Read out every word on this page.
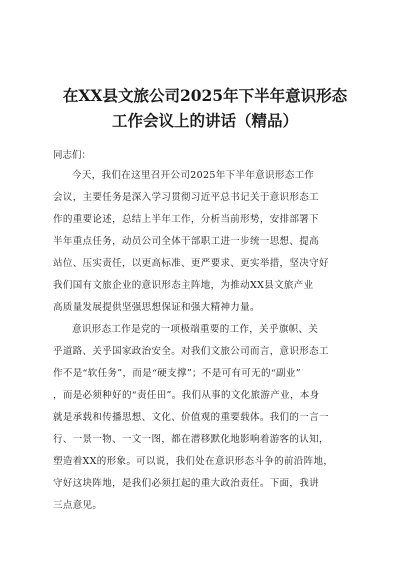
在XX县文旅公司2025年下半年意识形态
工作会议上的讲话（精品）

同志们：

今天，我们在这里召开公司2025年下半年意识形态工作
会议，主要任务是深入学习贯彻习近平总书记关于意识形态工
作的重要论述，总结上半年工作，分析当前形势，安排部署下
半年重点任务，动员公司全体干部职工进一步统一思想、提高
站位、压实责任，以更高标准、更严要求、更实举措，坚决守好
我们国有文旅企业的意识形态主阵地，为推动XX县文旅产业
高质量发展提供坚强思想保证和强大精神力量。
意识形态工作是党的一项极端重要的工作，关乎旗帜、关
乎道路、关乎国家政治安全。对我们文旅公司而言，意识形态工
作不是“软任务”，而是“硬支撑”；不是可有可无的“副业”
，而是必须种好的“责任田”。我们从事的文化旅游产业，本身
就是承载和传播思想、文化、价值观的重要载体。我们的一言一
行、一景一物、一文一图，都在潜移默化地影响着游客的认知，
塑造着XX的形象。可以说，我们处在意识形态斗争的前沿阵地，
守好这块阵地，是我们必须扛起的重大政治责任。下面，我讲
三点意见。
